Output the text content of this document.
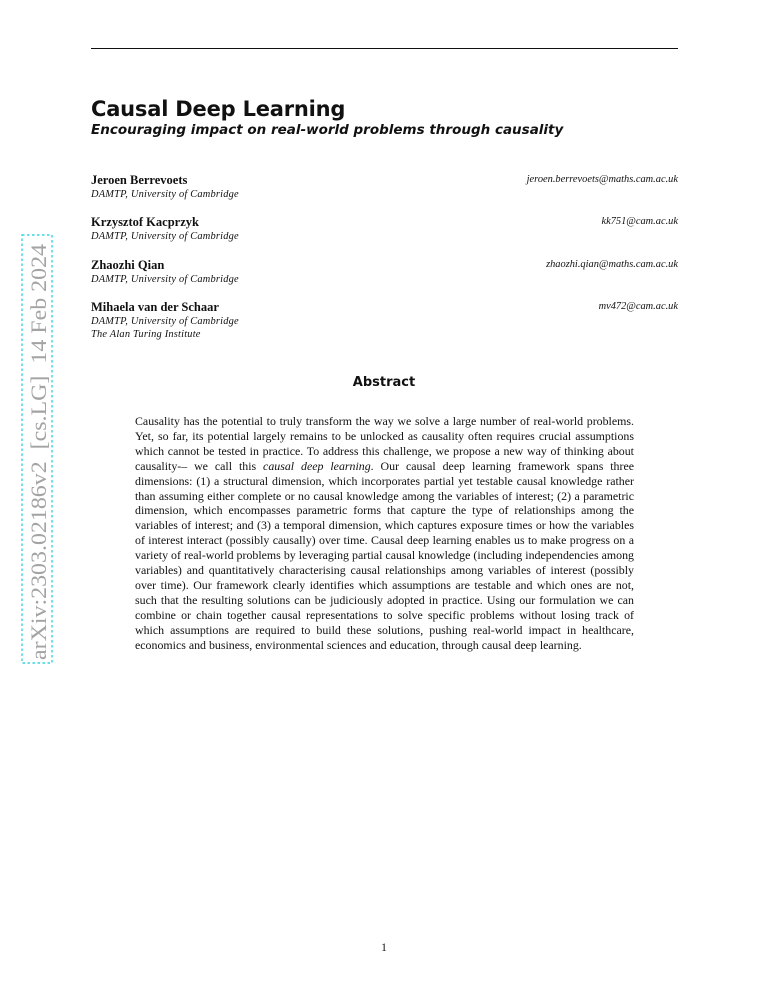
arXiv:2303.02186v2  [cs.LG]  14 Feb 2024
Causal Deep Learning
Encouraging impact on real-world problems through causality
Jeroen Berrevoets
DAMTP, University of Cambridge
jeroen.berrevoets@maths.cam.ac.uk
Krzysztof Kacprzyk
DAMTP, University of Cambridge
kk751@cam.ac.uk
Zhaozhi Qian
DAMTP, University of Cambridge
zhaozhi.qian@maths.cam.ac.uk
Mihaela van der Schaar
DAMTP, University of Cambridge
The Alan Turing Institute
mv472@cam.ac.uk
Abstract

Causality has the potential to truly transform the way we solve a large number of real-world problems. Yet, so far, its potential largely remains to be unlocked as causality often requires crucial assumptions which cannot be tested in practice. To address this challenge, we propose a new way of thinking about causality-– we call this causal deep learning. Our causal deep learning framework spans three dimensions: (1) a structural dimension, which incorporates partial yet testable causal knowledge rather than assuming either complete or no causal knowledge among the variables of interest; (2) a parametric dimension, which encompasses parametric forms that capture the type of relationships among the variables of interest; and (3) a temporal dimension, which captures exposure times or how the variables of interest interact (possibly causally) over time. Causal deep learning enables us to make progress on a variety of real-world problems by leveraging partial causal knowledge (including independencies among variables) and quantitatively characterising causal relationships among variables of interest (possibly over time). Our framework clearly identifies which assumptions are testable and which ones are not, such that the resulting solutions can be judiciously adopted in practice. Using our formulation we can combine or chain together causal representations to solve specific problems without losing track of which assumptions are required to build these solutions, pushing real-world impact in healthcare, economics and business, environmental sciences and education, through causal deep learning.

1
